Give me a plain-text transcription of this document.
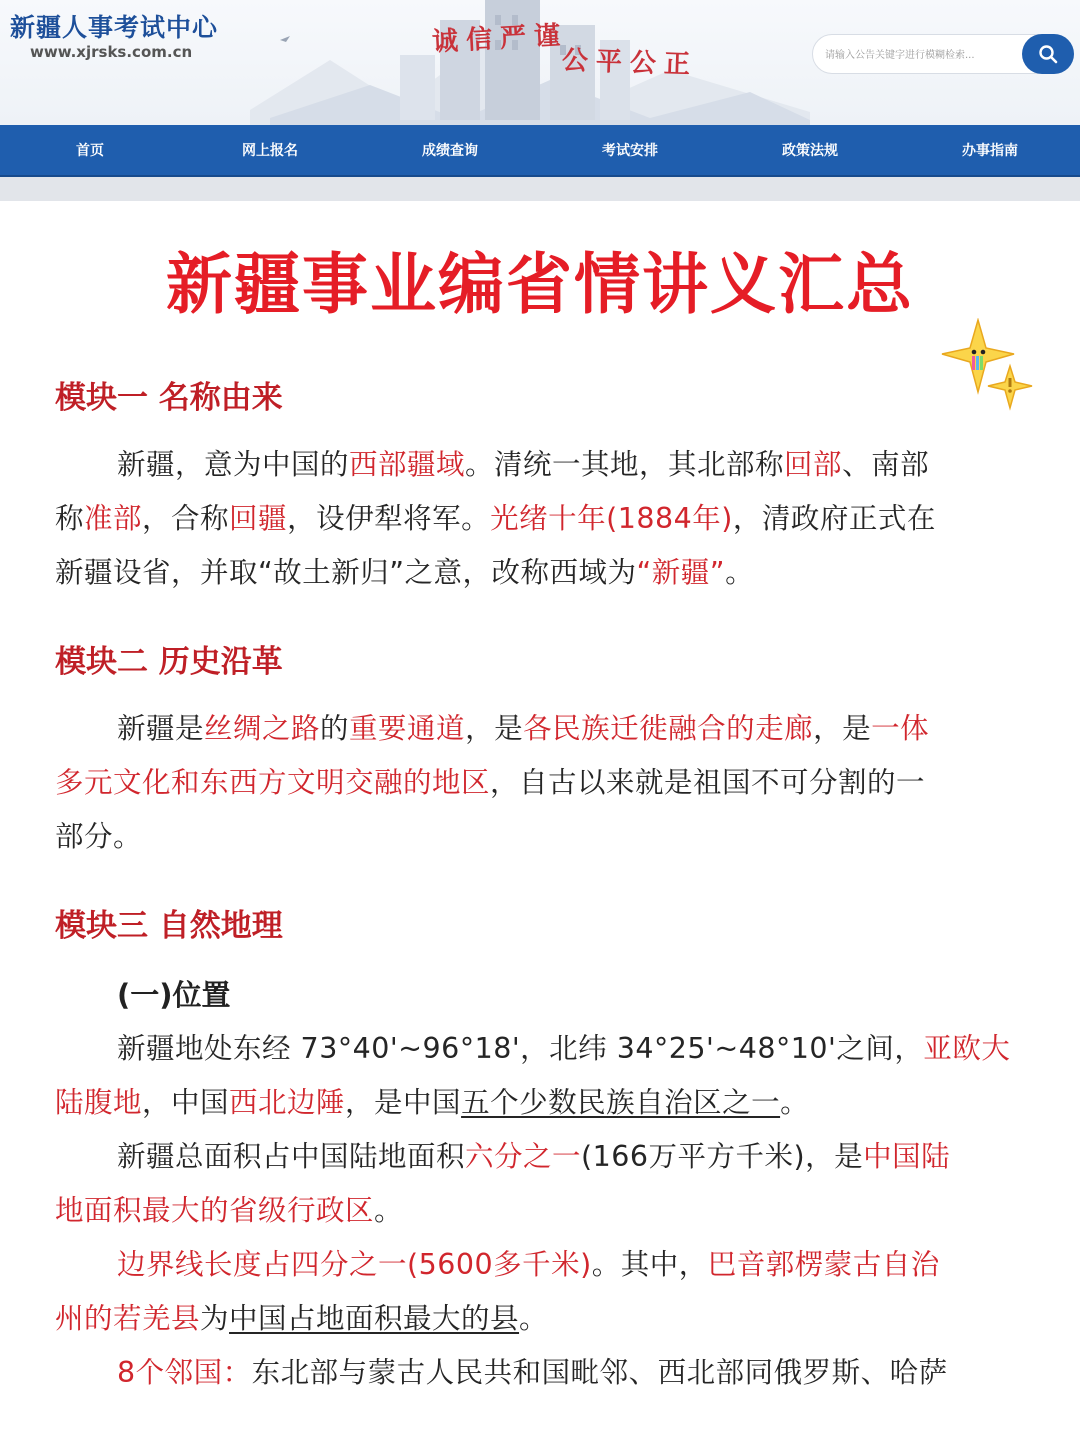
新疆人事考试中心
www.xjrsks.com.cn	诚信严谨
公平公正
请输入公告关键字进行模糊检索...
首页	网上报名	成绩查询	考试安排	政策法规	办事指南
新疆事业编省情讲义汇总
模块一 名称由来
新疆，意为中国的西部疆域。清统一其地，其北部称回部、南部
称准部，合称回疆，设伊犁将军。光绪十年(1884年)，清政府正式在
新疆设省，并取“故土新归”之意，改称西域为“新疆”。
模块二 历史沿革
新疆是丝绸之路的重要通道，是各民族迁徙融合的走廊，是一体
多元文化和东西方文明交融的地区，自古以来就是祖国不可分割的一
部分。
模块三 自然地理
(一)位置
新疆地处东经 73°40'~96°18'，北纬 34°25'~48°10'之间，亚欧大
陆腹地，中国西北边陲，是中国五个少数民族自治区之一。
新疆总面积占中国陆地面积六分之一(166万平方千米)，是中国陆
地面积最大的省级行政区。
边界线长度占四分之一(5600多千米)。其中，巴音郭楞蒙古自治
州的若羌县为中国占地面积最大的县。
8个邻国：东北部与蒙古人民共和国毗邻、西北部同俄罗斯、哈萨
